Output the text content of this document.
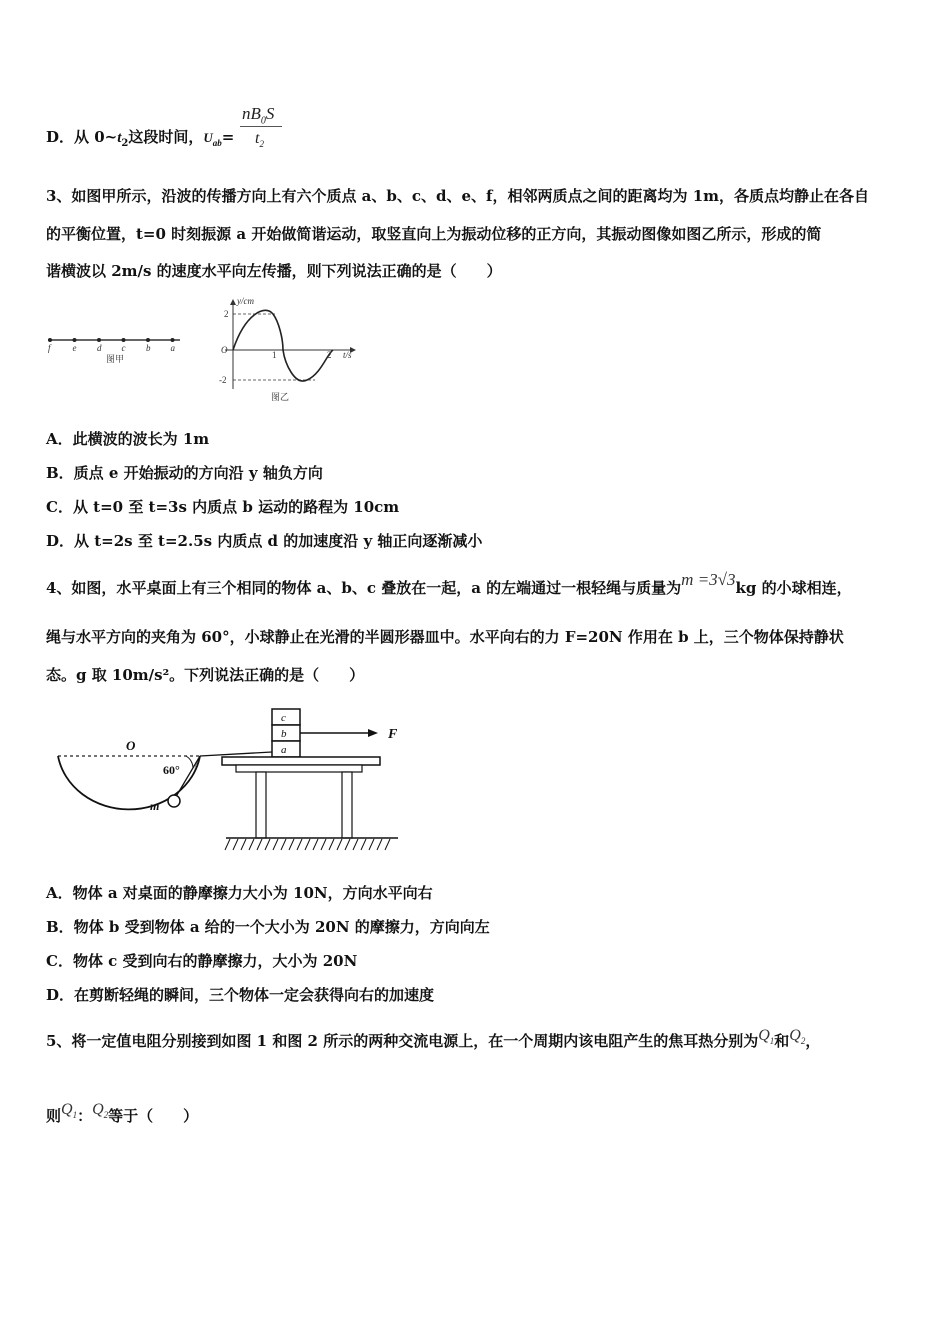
D．从 $0\sim t_2$这段时间，$U_{ab}=$
$nB_0S$
$t_2$
3、如图甲所示，沿波的传播方向上有六个质点 a、b、c、d、e、f，相邻两质点之间的距离均为 1m，各质点均静止在各自
的平衡位置，t=0 时刻振源 a 开始做简谐运动，取竖直向上为振动位移的正方向，其振动图像如图乙所示，形成的简
谐横波以 2m/s 的速度水平向左传播，则下列说法正确的是（　　）
f e d c b a
图甲
y/cm
t/s
O
2
-2
1	2
图乙
A．此横波的波长为 1m
B．质点 e 开始振动的方向沿 y 轴负方向
C．从 t=0 至 t=3s 内质点 b 运动的路程为 10cm
D．从 t=2s 至 t=2.5s 内质点 d 的加速度沿 y 轴正向逐渐减小
4、如图，水平桌面上有三个相同的物体 a、b、c 叠放在一起，a 的左端通过一根轻绳与质量为m =3√3kg 的小球相连，
绳与水平方向的夹角为 60°，小球静止在光滑的半圆形器皿中。水平向右的力 F=20N 作用在 b 上，三个物体保持静状
态。g 取 10m/s²。下列说法正确的是（　　）
O
60°
m
c
b
a
F
A．物体 a 对桌面的静摩擦力大小为 10N，方向水平向右
B．物体 b 受到物体 a 给的一个大小为 20N 的摩擦力，方向向左
C．物体 c 受到向右的静摩擦力，大小为 20N
D．在剪断轻绳的瞬间，三个物体一定会获得向右的加速度
5、将一定值电阻分别接到如图 1 和图 2 所示的两种交流电源上，在一个周期内该电阻产生的焦耳热分别为$Q_1$和$Q_2$，
则$Q_1$：$Q_2$等于（　　）
